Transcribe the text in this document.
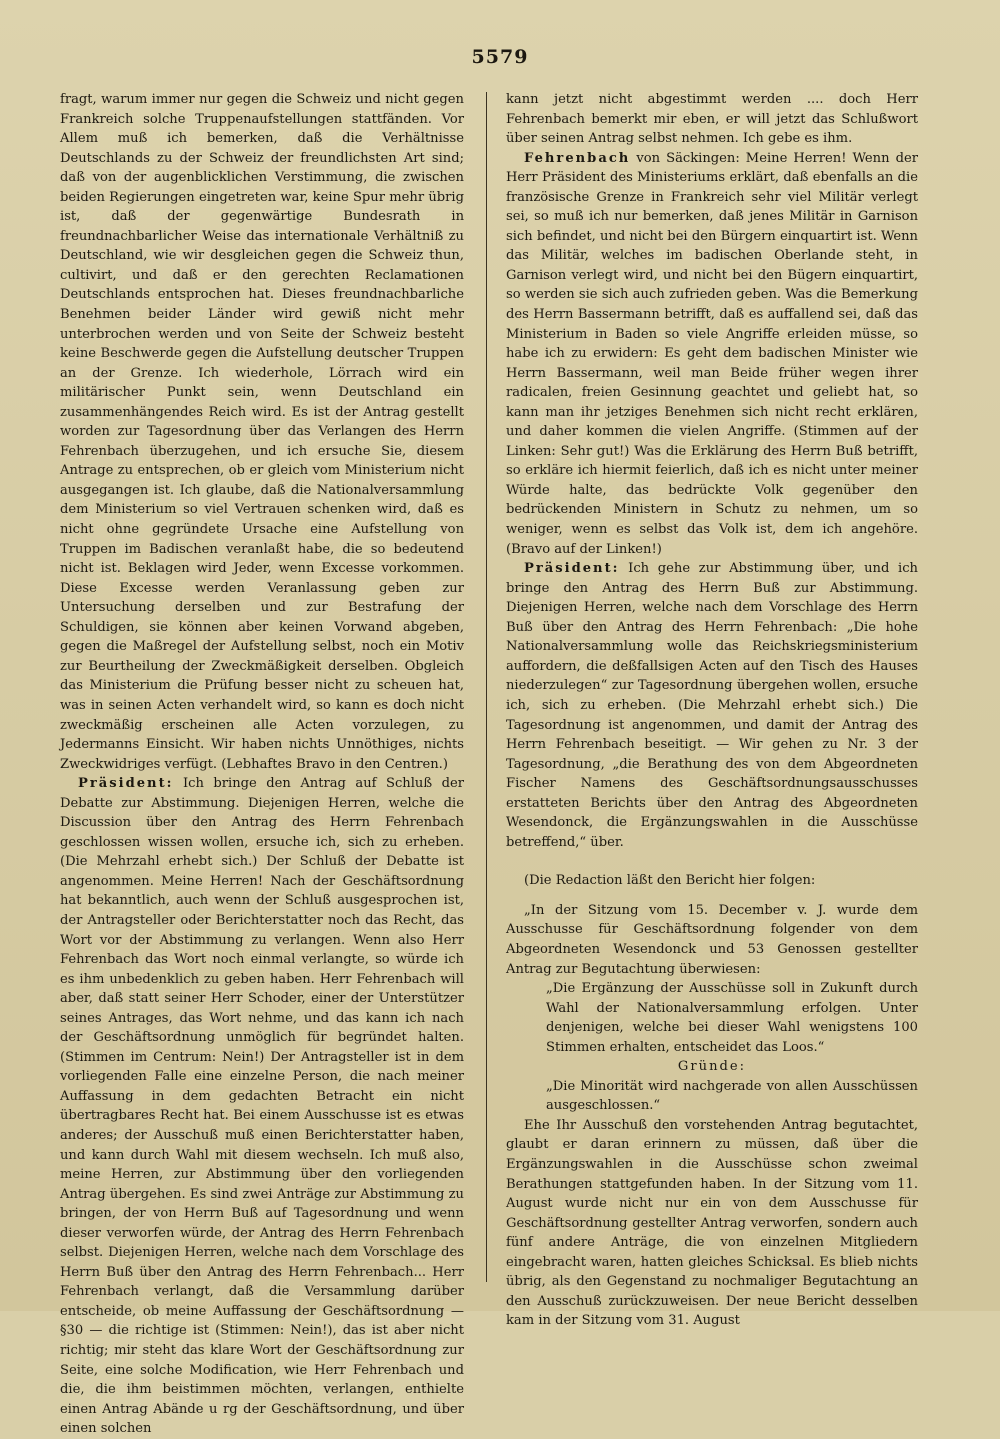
5579

fragt, warum immer nur gegen die Schweiz und nicht gegen Frankreich solche Truppenaufstellungen stattfänden. Vor Allem muß ich bemerken, daß die Verhältnisse Deutschlands zu der Schweiz der freundlichsten Art sind; daß von der augenblicklichen Verstimmung, die zwischen beiden Regierungen eingetreten war, keine Spur mehr übrig ist, daß der gegenwärtige Bundesrath in freundnachbarlicher Weise das internationale Verhältniß zu Deutschland, wie wir desgleichen gegen die Schweiz thun, cultivirt, und daß er den gerechten Reclamationen Deutschlands entsprochen hat. Dieses freundnachbarliche Benehmen beider Länder wird gewiß nicht mehr unterbrochen werden und von Seite der Schweiz besteht keine Beschwerde gegen die Aufstellung deutscher Truppen an der Grenze. Ich wiederhole, Lörrach wird ein militärischer Punkt sein, wenn Deutschland ein zusammenhängendes Reich wird. Es ist der Antrag gestellt worden zur Tagesordnung über das Verlangen des Herrn Fehrenbach überzugehen, und ich ersuche Sie, diesem Antrage zu entsprechen, ob er gleich vom Ministerium nicht ausgegangen ist. Ich glaube, daß die Nationalversammlung dem Ministerium so viel Vertrauen schenken wird, daß es nicht ohne gegründete Ursache eine Aufstellung von Truppen im Badischen veranlaßt habe, die so bedeutend nicht ist. Beklagen wird Jeder, wenn Excesse vorkommen. Diese Excesse werden Veranlassung geben zur Untersuchung derselben und zur Bestrafung der Schuldigen, sie können aber keinen Vorwand abgeben, gegen die Maßregel der Aufstellung selbst, noch ein Motiv zur Beurtheilung der Zweckmäßigkeit derselben. Obgleich das Ministerium die Prüfung besser nicht zu scheuen hat, was in seinen Acten verhandelt wird, so kann es doch nicht zweckmäßig erscheinen alle Acten vorzulegen, zu Jedermanns Einsicht. Wir haben nichts Unnöthiges, nichts Zweckwidriges verfügt. (Lebhaftes Bravo in den Centren.)

Präsident: Ich bringe den Antrag auf Schluß der Debatte zur Abstimmung. Diejenigen Herren, welche die Discussion über den Antrag des Herrn Fehrenbach geschlossen wissen wollen, ersuche ich, sich zu erheben. (Die Mehrzahl erhebt sich.) Der Schluß der Debatte ist angenommen. Meine Herren! Nach der Geschäftsordnung hat bekanntlich, auch wenn der Schluß ausgesprochen ist, der Antragsteller oder Berichterstatter noch das Recht, das Wort vor der Abstimmung zu verlangen. Wenn also Herr Fehrenbach das Wort noch einmal verlangte, so würde ich es ihm unbedenklich zu geben haben. Herr Fehrenbach will aber, daß statt seiner Herr Schoder, einer der Unterstützer seines Antrages, das Wort nehme, und das kann ich nach der Geschäftsordnung unmöglich für begründet halten. (Stimmen im Centrum: Nein!) Der Antragsteller ist in dem vorliegenden Falle eine einzelne Person, die nach meiner Auffassung in dem gedachten Betracht ein nicht übertragbares Recht hat. Bei einem Ausschusse ist es etwas anderes; der Ausschuß muß einen Berichterstatter haben, und kann durch Wahl mit diesem wechseln. Ich muß also, meine Herren, zur Abstimmung über den vorliegenden Antrag übergehen. Es sind zwei Anträge zur Abstimmung zu bringen, der von Herrn Buß auf Tagesordnung und wenn dieser verworfen würde, der Antrag des Herrn Fehrenbach selbst. Diejenigen Herren, welche nach dem Vorschlage des Herrn Buß über den Antrag des Herrn Fehrenbach... Herr Fehrenbach verlangt, daß die Versammlung darüber entscheide, ob meine Auffassung der Geschäftsordnung — §30 — die richtige ist (Stimmen: Nein!), das ist aber nicht richtig; mir steht das klare Wort der Geschäftsordnung zur Seite, eine solche Modification, wie Herr Fehrenbach und die, die ihm beistimmen möchten, verlangen, enthielte einen Antrag Abände u rg der Geschäftsordnung, und über einen solchen

kann jetzt nicht abgestimmt werden .... doch Herr Fehrenbach bemerkt mir eben, er will jetzt das Schlußwort über seinen Antrag selbst nehmen. Ich gebe es ihm.

Fehrenbach von Säckingen: Meine Herren! Wenn der Herr Präsident des Ministeriums erklärt, daß ebenfalls an die französische Grenze in Frankreich sehr viel Militär verlegt sei, so muß ich nur bemerken, daß jenes Militär in Garnison sich befindet, und nicht bei den Bürgern einquartirt ist. Wenn das Militär, welches im badischen Oberlande steht, in Garnison verlegt wird, und nicht bei den Bügern einquartirt, so werden sie sich auch zufrieden geben. Was die Bemerkung des Herrn Bassermann betrifft, daß es auffallend sei, daß das Ministerium in Baden so viele Angriffe erleiden müsse, so habe ich zu erwidern: Es geht dem badischen Minister wie Herrn Bassermann, weil man Beide früher wegen ihrer radicalen, freien Gesinnung geachtet und geliebt hat, so kann man ihr jetziges Benehmen sich nicht recht erklären, und daher kommen die vielen Angriffe. (Stimmen auf der Linken: Sehr gut!) Was die Erklärung des Herrn Buß betrifft, so erkläre ich hiermit feierlich, daß ich es nicht unter meiner Würde halte, das bedrückte Volk gegenüber den bedrückenden Ministern in Schutz zu nehmen, um so weniger, wenn es selbst das Volk ist, dem ich angehöre. (Bravo auf der Linken!)

Präsident: Ich gehe zur Abstimmung über, und ich bringe den Antrag des Herrn Buß zur Abstimmung. Diejenigen Herren, welche nach dem Vorschlage des Herrn Buß über den Antrag des Herrn Fehrenbach: „Die hohe Nationalversammlung wolle das Reichskriegsministerium auffordern, die deßfallsigen Acten auf den Tisch des Hauses niederzulegen“ zur Tagesordnung übergehen wollen, ersuche ich, sich zu erheben. (Die Mehrzahl erhebt sich.) Die Tagesordnung ist angenommen, und damit der Antrag des Herrn Fehrenbach beseitigt. — Wir gehen zu Nr. 3 der Tagesordnung, „die Berathung des von dem Abgeordneten Fischer Namens des Geschäftsordnungsausschusses erstatteten Berichts über den Antrag des Abgeordneten Wesendonck, die Ergänzungswahlen in die Ausschüsse betreffend,“ über.

(Die Redaction läßt den Bericht hier folgen:

„In der Sitzung vom 15. December v. J. wurde dem Ausschusse für Geschäftsordnung folgender von dem Abgeordneten Wesendonck und 53 Genossen gestellter Antrag zur Begutachtung überwiesen:

„Die Ergänzung der Ausschüsse soll in Zukunft durch Wahl der Nationalversammlung erfolgen. Unter denjenigen, welche bei dieser Wahl wenigstens 100 Stimmen erhalten, entscheidet das Loos.“

Gründe:

„Die Minorität wird nachgerade von allen Ausschüssen ausgeschlossen.“

Ehe Ihr Ausschuß den vorstehenden Antrag begutachtet, glaubt er daran erinnern zu müssen, daß über die Ergänzungswahlen in die Ausschüsse schon zweimal Berathungen stattgefunden haben. In der Sitzung vom 11. August wurde nicht nur ein von dem Ausschusse für Geschäftsordnung gestellter Antrag verworfen, sondern auch fünf andere Anträge, die von einzelnen Mitgliedern eingebracht waren, hatten gleiches Schicksal. Es blieb nichts übrig, als den Gegenstand zu nochmaliger Begutachtung an den Ausschuß zurückzuweisen. Der neue Bericht desselben kam in der Sitzung vom 31. August
